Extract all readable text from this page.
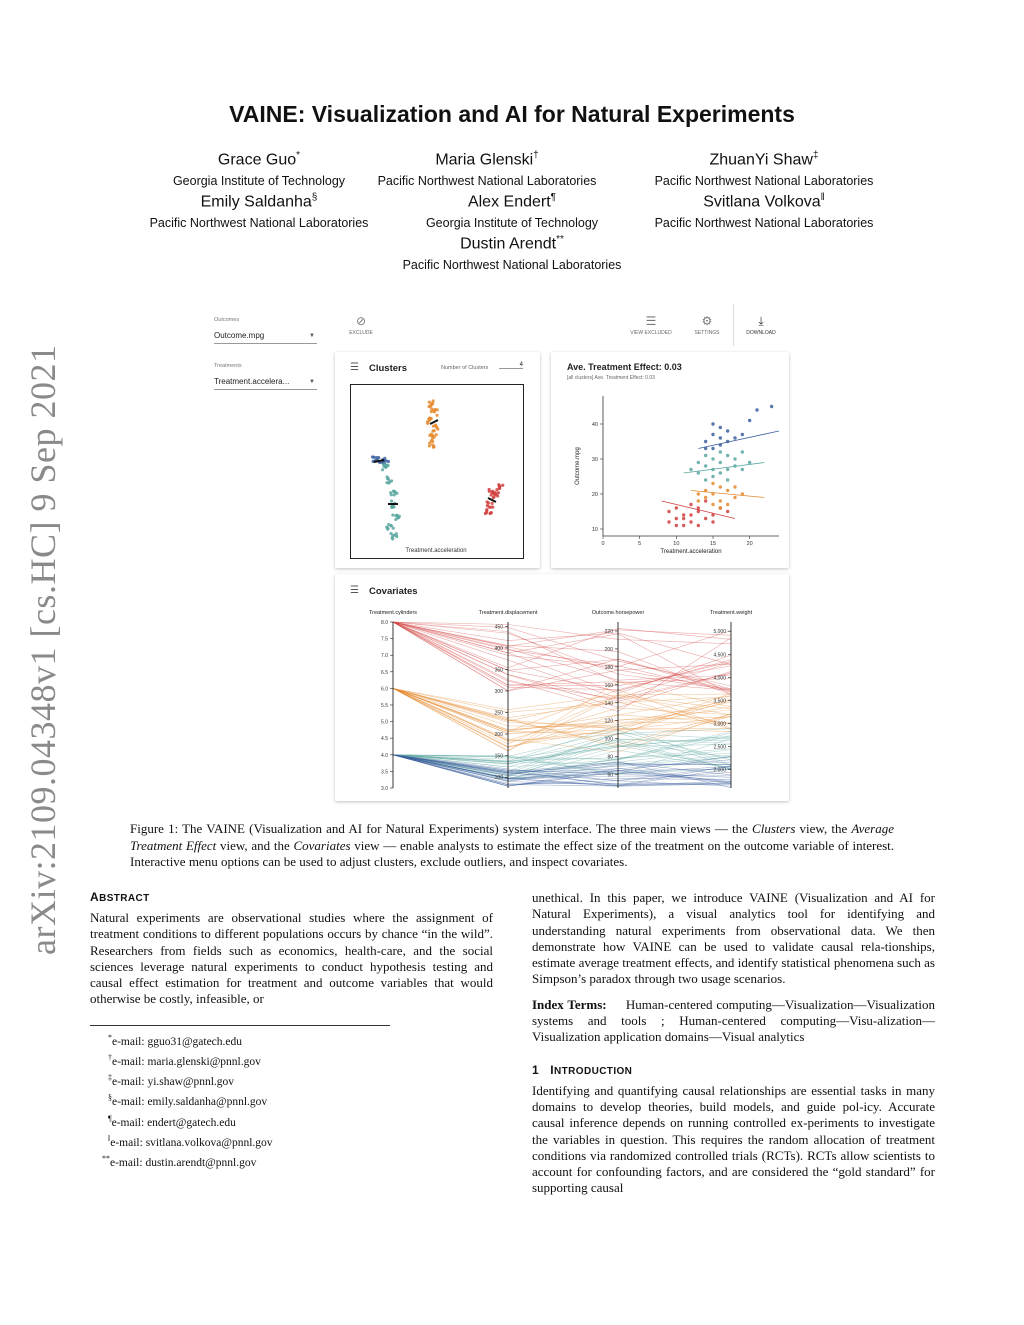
arXiv:2109.04348v1 [cs.HC] 9 Sep 2021
VAINE: Visualization and AI for Natural Experiments
Grace Guo*
Georgia Institute of Technology
Maria Glenski†
Pacific Northwest National Laboratories
ZhuanYi Shaw‡
Pacific Northwest National Laboratories
Emily Saldanha§
Pacific Northwest National Laboratories
Alex Endert¶
Georgia Institute of Technology
Svitlana Volkova‖
Pacific Northwest National Laboratories
Dustin Arendt**
Pacific Northwest National Laboratories
Outcomes
Outcome.mpg	▼
Treatments
Treatment.accelera...	▼
⊘
EXCLUDE
☰
VIEW EXCLUDED
⚙
SETTINGS
⤓
DOWNLOAD
☰ Clusters	Number of Clusters	4
Treatment.acceleration
Ave. Treatment Effect: 0.03
[all clusters] Ave. Treatment Effect: 0.03
0	5	10	15	20
10
20
30
40
Treatment.acceleration
Outcome.mpg
☰ Covariates
Treatment.cylinders
8.0
7.5
7.0
6.5
6.0
5.5
5.0
4.5
4.0
3.5
3.0
Treatment.displacement
450
400
350
300
250
200
150
100
Outcome.horsepower
220
200
180
160
140
120
100
80
60
Treatment.weight
5,000
4,500
4,000
3,500
3,000
2,500
2,000

Figure 1: The VAINE (Visualization and AI for Natural Experiments) system interface. The three main views — the Clusters view, the Average Treatment Effect view, and the Covariates view — enable analysts to estimate the effect size of the treatment on the outcome variable of interest. Interactive menu options can be used to adjust clusters, exclude outliers, and inspect covariates.

ABSTRACT

Natural experiments are observational studies where the assignment of treatment conditions to different populations occurs by chance “in the wild”. Researchers from fields such as economics, health-care, and the social sciences leverage natural experiments to conduct hypothesis testing and causal effect estimation for treatment and outcome variables that would otherwise be costly, infeasible, or

*e-mail: gguo31@gatech.edu
†e-mail: maria.glenski@pnnl.gov
‡e-mail: yi.shaw@pnnl.gov
§e-mail: emily.saldanha@pnnl.gov
¶e-mail: endert@gatech.edu
‖e-mail: svitlana.volkova@pnnl.gov
**e-mail: dustin.arendt@pnnl.gov

unethical. In this paper, we introduce VAINE (Visualization and AI for Natural Experiments), a visual analytics tool for identifying and understanding natural experiments from observational data. We then demonstrate how VAINE can be used to validate causal rela-tionships, estimate average treatment effects, and identify statistical phenomena such as Simpson’s paradox through two usage scenarios.

Index Terms: Human-centered computing—Visualization—Visualization systems and tools ; Human-centered computing—Visu-alization—Visualization application domains—Visual analytics

1 INTRODUCTION

Identifying and quantifying causal relationships are essential tasks in many domains to develop theories, build models, and guide pol-icy. Accurate causal inference depends on running controlled ex-periments to investigate the variables in question. This requires the random allocation of treatment conditions via randomized controlled trials (RCTs). RCTs allow scientists to account for confounding factors, and are considered the “gold standard” for supporting causal
